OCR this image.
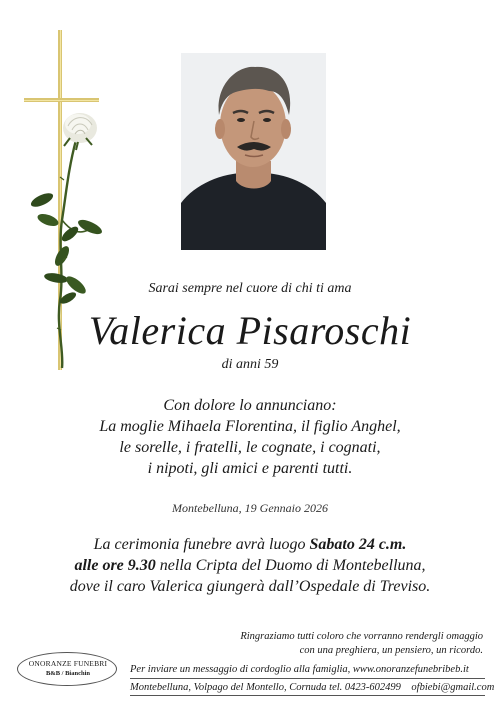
Sarai sempre nel cuore di chi ti ama
Valerica Pisaroschi
di anni 59
Con dolore lo annunciano:
La moglie Mihaela Florentina, il figlio Anghel,
le sorelle, i fratelli, le cognate, i cognati,
i nipoti, gli amici e parenti tutti.
Montebelluna, 19 Gennaio 2026
La cerimonia funebre avrà luogo Sabato 24 c.m.
alle ore 9.30 nella Cripta del Duomo di Montebelluna,
dove il caro Valerica giungerà dall’Ospedale di Treviso.
Ringraziamo tutti coloro che vorranno rendergli omaggio
con una preghiera, un pensiero, un ricordo.
ONORANZE FUNEBRI
B&B / Bianchin	Per inviare un messaggio di cordoglio alla famiglia, www.onoranzefunebribeb.it
Montebelluna, Volpago del Montello, Cornuda tel. 0423-602499    ofbiebi@gmail.com
